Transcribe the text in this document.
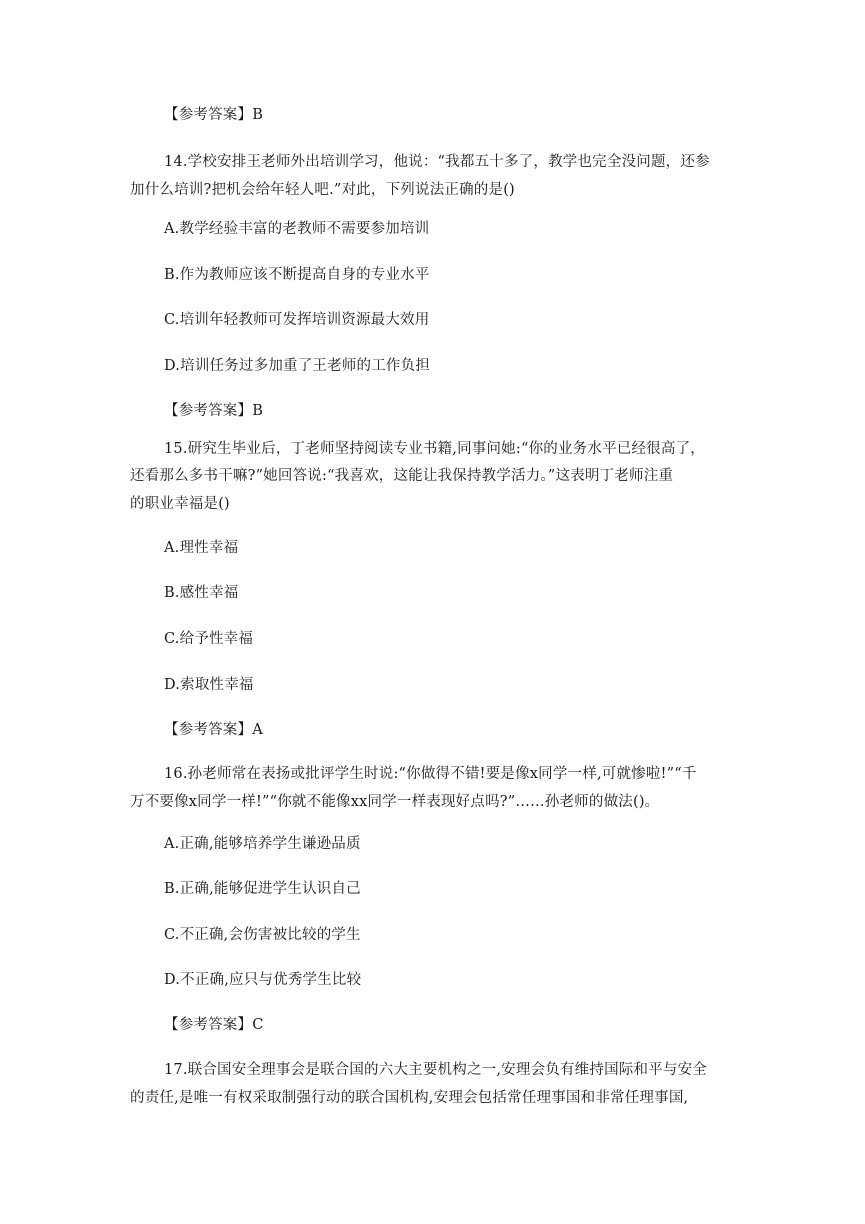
【参考答案】B
14.学校安排王老师外出培训学习，他说：“我都五十多了，教学也完全没问题，还参
加什么培训?把机会给年轻人吧.”对此，下列说法正确的是()
A.教学经验丰富的老教师不需要参加培训
B.作为教师应该不断提高自身的专业水平
C.培训年轻教师可发挥培训资源最大效用
D.培训任务过多加重了王老师的工作负担
【参考答案】B
15.研究生毕业后，丁老师坚持阅读专业书籍,同事问她:“你的业务水平已经很高了，
还看那么多书干嘛?”她回答说:“我喜欢，这能让我保持教学活力。”这表明丁老师注重
的职业幸福是()
A.理性幸福
B.感性幸福
C.给予性幸福
D.索取性幸福
【参考答案】A
16.孙老师常在表扬或批评学生时说:“你做得不错!要是像x同学一样,可就惨啦!”“千
万不要像x同学一样!”“你就不能像xx同学一样表现好点吗?”……孙老师的做法()。
A.正确,能够培养学生谦逊品质
B.正确,能够促进学生认识自己
C.不正确,会伤害被比较的学生
D.不正确,应只与优秀学生比较
【参考答案】C
17.联合国安全理事会是联合国的六大主要机构之一,安理会负有维持国际和平与安全
的责任,是唯一有权采取制强行动的联合国机构,安理会包括常任理事国和非常任理事国,
